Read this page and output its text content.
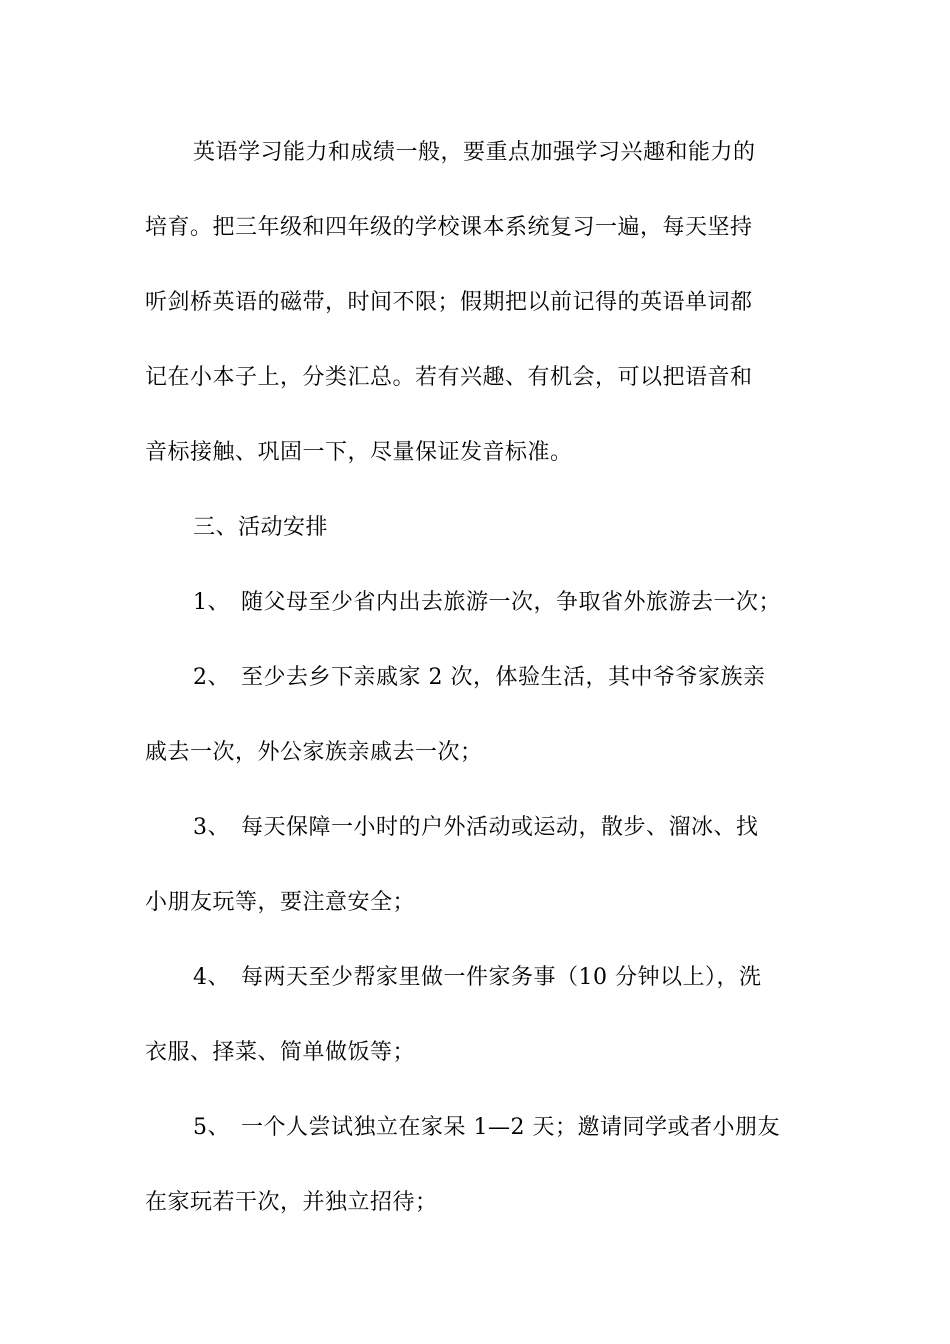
英语学习能力和成绩一般，要重点加强学习兴趣和能力的
培育。把三年级和四年级的学校课本系统复习一遍，每天坚持
听剑桥英语的磁带，时间不限；假期把以前记得的英语单词都
记在小本子上，分类汇总。若有兴趣、有机会，可以把语音和
音标接触、巩固一下，尽量保证发音标准。
三、活动安排
1、 随父母至少省内出去旅游一次，争取省外旅游去一次；
2、 至少去乡下亲戚家 2 次，体验生活，其中爷爷家族亲
戚去一次，外公家族亲戚去一次；
3、 每天保障一小时的户外活动或运动，散步、溜冰、找
小朋友玩等，要注意安全；
4、 每两天至少帮家里做一件家务事（10 分钟以上），洗
衣服、择菜、简单做饭等；
5、 一个人尝试独立在家呆 1—2 天；邀请同学或者小朋友
在家玩若干次，并独立招待；
